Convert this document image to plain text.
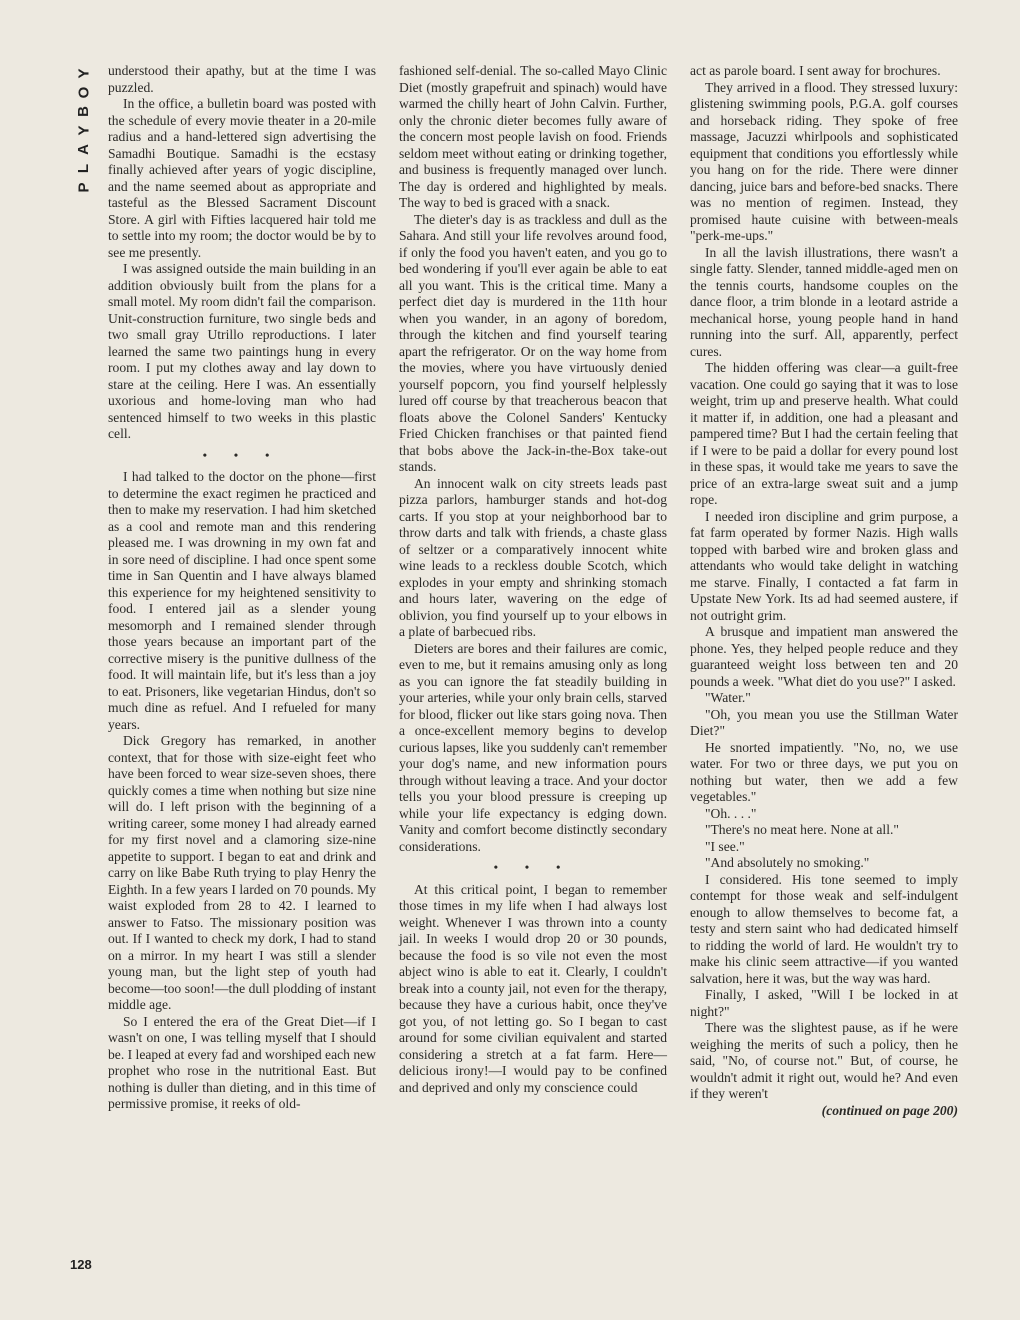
Y
O
B
Y
A
L
P
128

understood their apathy, but at the time I was puzzled.

In the office, a bulletin board was posted with the schedule of every movie theater in a 20-mile radius and a hand-lettered sign advertising the Samadhi Boutique. Samadhi is the ecstasy finally achieved after years of yogic discipline, and the name seemed about as appropriate and tasteful as the Blessed Sacrament Discount Store. A girl with Fifties lacquered hair told me to settle into my room; the doctor would be by to see me presently.

I was assigned outside the main building in an addition obviously built from the plans for a small motel. My room didn't fail the comparison. Unit-construction furniture, two single beds and two small gray Utrillo reproductions. I later learned the same two paintings hung in every room. I put my clothes away and lay down to stare at the ceiling. Here I was. An essentially uxorious and home-loving man who had sentenced himself to two weeks in this plastic cell.

• • •

I had talked to the doctor on the phone—first to determine the exact regimen he practiced and then to make my reservation. I had him sketched as a cool and remote man and this rendering pleased me. I was drowning in my own fat and in sore need of discipline. I had once spent some time in San Quentin and I have always blamed this experience for my heightened sensitivity to food. I entered jail as a slender young mesomorph and I remained slender through those years because an important part of the corrective misery is the punitive dullness of the food. It will maintain life, but it's less than a joy to eat. Prisoners, like vegetarian Hindus, don't so much dine as refuel. And I refueled for many years.

Dick Gregory has remarked, in another context, that for those with size-eight feet who have been forced to wear size-seven shoes, there quickly comes a time when nothing but size nine will do. I left prison with the beginning of a writing career, some money I had already earned for my first novel and a clamoring size-nine appetite to support. I began to eat and drink and carry on like Babe Ruth trying to play Henry the Eighth. In a few years I larded on 70 pounds. My waist exploded from 28 to 42. I learned to answer to Fatso. The missionary position was out. If I wanted to check my dork, I had to stand on a mirror. In my heart I was still a slender young man, but the light step of youth had become—too soon!—the dull plodding of instant middle age.

So I entered the era of the Great Diet—if I wasn't on one, I was telling myself that I should be. I leaped at every fad and worshiped each new prophet who rose in the nutritional East. But nothing is duller than dieting, and in this time of permissive promise, it reeks of old-

fashioned self-denial. The so-called Mayo Clinic Diet (mostly grapefruit and spinach) would have warmed the chilly heart of John Calvin. Further, only the chronic dieter becomes fully aware of the concern most people lavish on food. Friends seldom meet without eating or drinking together, and business is frequently managed over lunch. The day is ordered and highlighted by meals. The way to bed is graced with a snack.

The dieter's day is as trackless and dull as the Sahara. And still your life revolves around food, if only the food you haven't eaten, and you go to bed wondering if you'll ever again be able to eat all you want. This is the critical time. Many a perfect diet day is murdered in the 11th hour when you wander, in an agony of boredom, through the kitchen and find yourself tearing apart the refrigerator. Or on the way home from the movies, where you have virtuously denied yourself popcorn, you find yourself helplessly lured off course by that treacherous beacon that floats above the Colonel Sanders' Kentucky Fried Chicken franchises or that painted fiend that bobs above the Jack-in-the-Box take-out stands.

An innocent walk on city streets leads past pizza parlors, hamburger stands and hot-dog carts. If you stop at your neighborhood bar to throw darts and talk with friends, a chaste glass of seltzer or a comparatively innocent white wine leads to a reckless double Scotch, which explodes in your empty and shrinking stomach and hours later, wavering on the edge of oblivion, you find yourself up to your elbows in a plate of barbecued ribs.

Dieters are bores and their failures are comic, even to me, but it remains amusing only as long as you can ignore the fat steadily building in your arteries, while your only brain cells, starved for blood, flicker out like stars going nova. Then a once-excellent memory begins to develop curious lapses, like you suddenly can't remember your dog's name, and new information pours through without leaving a trace. And your doctor tells you your blood pressure is creeping up while your life expectancy is edging down. Vanity and comfort become distinctly secondary considerations.

• • •

At this critical point, I began to remember those times in my life when I had always lost weight. Whenever I was thrown into a county jail. In weeks I would drop 20 or 30 pounds, because the food is so vile not even the most abject wino is able to eat it. Clearly, I couldn't break into a county jail, not even for the therapy, because they have a curious habit, once they've got you, of not letting go. So I began to cast around for some civilian equivalent and started considering a stretch at a fat farm. Here—delicious irony!—I would pay to be confined and deprived and only my conscience could

act as parole board. I sent away for brochures.

They arrived in a flood. They stressed luxury: glistening swimming pools, P.G.A. golf courses and horseback riding. They spoke of free massage, Jacuzzi whirlpools and sophisticated equipment that conditions you effortlessly while you hang on for the ride. There were dinner dancing, juice bars and before-bed snacks. There was no mention of regimen. Instead, they promised haute cuisine with between-meals "perk-me-ups."

In all the lavish illustrations, there wasn't a single fatty. Slender, tanned middle-aged men on the tennis courts, handsome couples on the dance floor, a trim blonde in a leotard astride a mechanical horse, young people hand in hand running into the surf. All, apparently, perfect cures.

The hidden offering was clear—a guilt-free vacation. One could go saying that it was to lose weight, trim up and preserve health. What could it matter if, in addition, one had a pleasant and pampered time? But I had the certain feeling that if I were to be paid a dollar for every pound lost in these spas, it would take me years to save the price of an extra-large sweat suit and a jump rope.

I needed iron discipline and grim purpose, a fat farm operated by former Nazis. High walls topped with barbed wire and broken glass and attendants who would take delight in watching me starve. Finally, I contacted a fat farm in Upstate New York. Its ad had seemed austere, if not outright grim.

A brusque and impatient man answered the phone. Yes, they helped people reduce and they guaranteed weight loss between ten and 20 pounds a week. "What diet do you use?" I asked.

"Water."

"Oh, you mean you use the Stillman Water Diet?"

He snorted impatiently. "No, no, we use water. For two or three days, we put you on nothing but water, then we add a few vegetables."

"Oh. . . ."

"There's no meat here. None at all."

"I see."

"And absolutely no smoking."

I considered. His tone seemed to imply contempt for those weak and self-indulgent enough to allow themselves to become fat, a testy and stern saint who had dedicated himself to ridding the world of lard. He wouldn't try to make his clinic seem attractive—if you wanted salvation, here it was, but the way was hard.

Finally, I asked, "Will I be locked in at night?"

There was the slightest pause, as if he were weighing the merits of such a policy, then he said, "No, of course not." But, of course, he wouldn't admit it right out, would he? And even if they weren't

(continued on page 200)
